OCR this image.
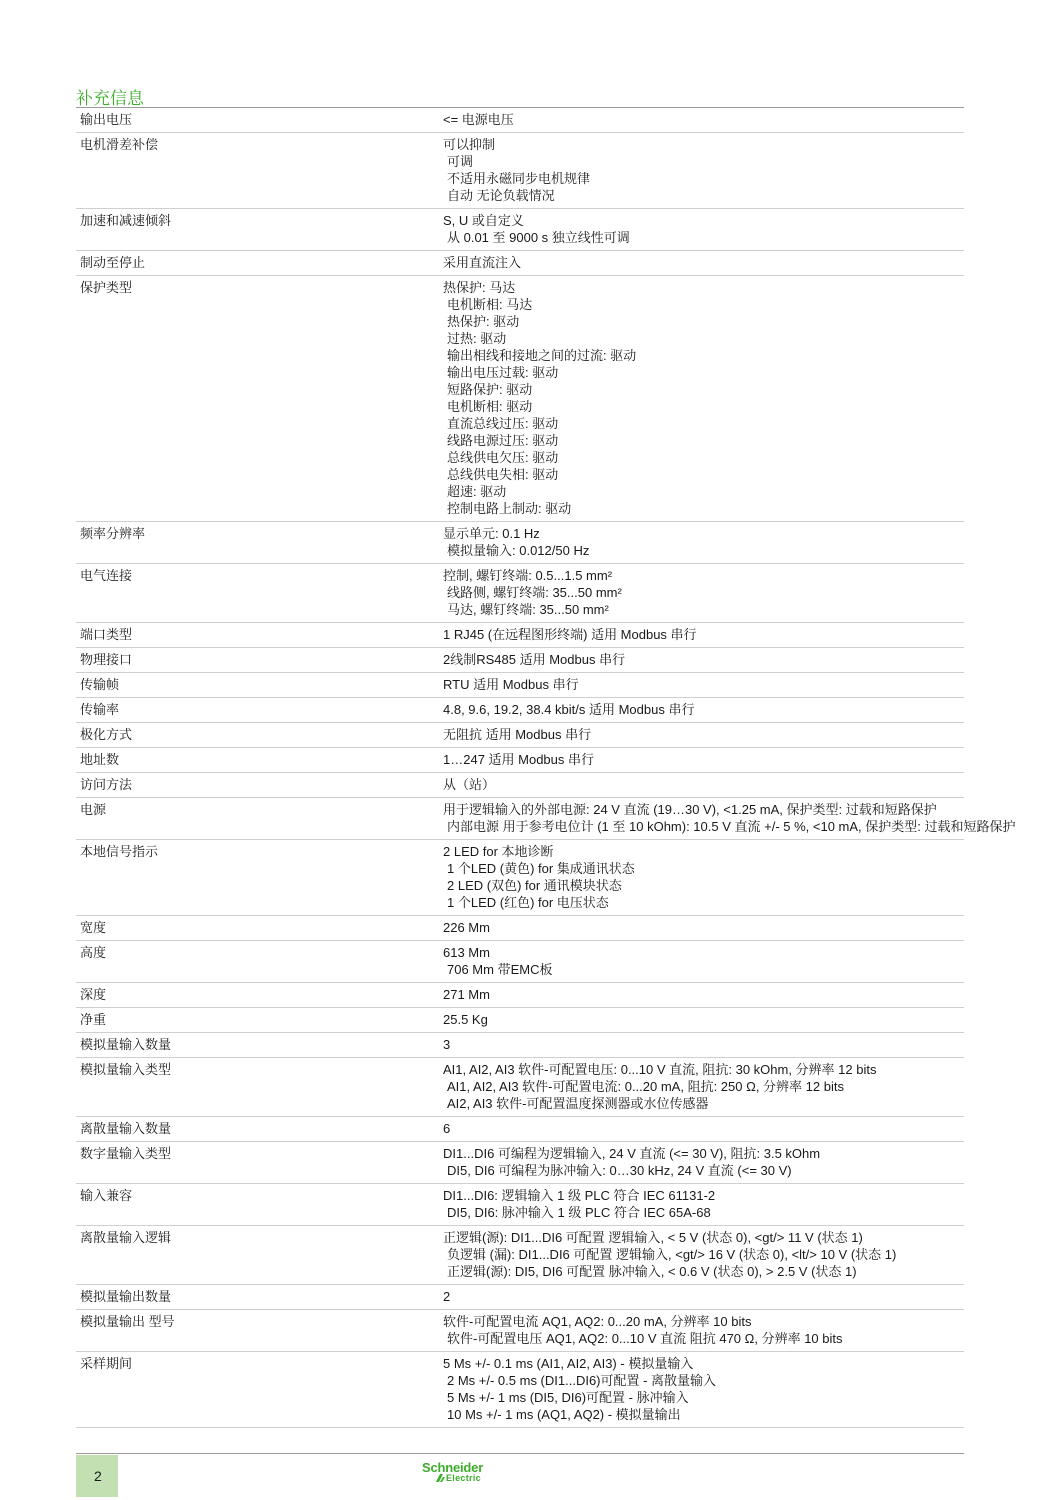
补充信息
输出电压	<= 电源电压
电机滑差补偿	可以抑制
可调
不适用永磁同步电机规律
自动 无论负载情况
加速和减速倾斜	S, U 或自定义
从 0.01 至 9000 s 独立线性可调
制动至停止	采用直流注入
保护类型	热保护: 马达
电机断相: 马达
热保护: 驱动
过热: 驱动
输出相线和接地之间的过流: 驱动
输出电压过载: 驱动
短路保护: 驱动
电机断相: 驱动
直流总线过压: 驱动
线路电源过压: 驱动
总线供电欠压: 驱动
总线供电失相: 驱动
超速: 驱动
控制电路上制动: 驱动
频率分辨率	显示单元: 0.1 Hz
模拟量输入: 0.012/50 Hz
电气连接	控制, 螺钉终端: 0.5...1.5 mm²
线路侧, 螺钉终端: 35...50 mm²
马达, 螺钉终端: 35...50 mm²
端口类型	1 RJ45 (在远程图形终端) 适用 Modbus 串行
物理接口	2线制RS485 适用 Modbus 串行
传输帧	RTU 适用 Modbus 串行
传输率	4.8, 9.6, 19.2, 38.4 kbit/s 适用 Modbus 串行
极化方式	无阻抗 适用 Modbus 串行
地址数	1…247 适用 Modbus 串行
访问方法	从（站）
电源	用于逻辑输入的外部电源: 24 V 直流 (19…30 V), <1.25 mA, 保护类型: 过载和短路保护
内部电源 用于参考电位计 (1 至 10 kOhm): 10.5 V 直流 +/- 5 %, <10 mA, 保护类型: 过载和短路保护
本地信号指示	2 LED for 本地诊断
1 个LED (黄色) for 集成通讯状态
2 LED (双色) for 通讯模块状态
1 个LED (红色) for 电压状态
宽度	226 Mm
高度	613 Mm
706 Mm 带EMC板
深度	271 Mm
净重	25.5 Kg
模拟量输入数量	3
模拟量输入类型	AI1, AI2, AI3 软件-可配置电压: 0...10 V 直流, 阻抗: 30 kOhm, 分辨率 12 bits
AI1, AI2, AI3 软件-可配置电流: 0...20 mA, 阻抗: 250 Ω, 分辨率 12 bits
AI2, AI3 软件-可配置温度探测器或水位传感器
离散量输入数量	6
数字量输入类型	DI1...DI6 可编程为逻辑输入, 24 V 直流 (<= 30 V), 阻抗: 3.5 kOhm
DI5, DI6 可编程为脉冲输入: 0…30 kHz, 24 V 直流 (<= 30 V)
输入兼容	DI1...DI6: 逻辑输入 1 级 PLC 符合 IEC 61131-2
DI5, DI6: 脉冲输入 1 级 PLC 符合 IEC 65A-68
离散量输入逻辑	正逻辑(源): DI1...DI6 可配置 逻辑输入, < 5 V (状态 0), <gt/> 11 V (状态 1)
负逻辑 (漏): DI1...DI6 可配置 逻辑输入, <gt/> 16 V (状态 0), <lt/> 10 V (状态 1)
正逻辑(源): DI5, DI6 可配置 脉冲输入, < 0.6 V (状态 0), > 2.5 V (状态 1)
模拟量输出数量	2
模拟量输出 型号	软件-可配置电流 AQ1, AQ2: 0...20 mA, 分辨率 10 bits
软件-可配置电压 AQ1, AQ2: 0...10 V 直流 阻抗 470 Ω, 分辨率 10 bits
采样期间	5 Ms +/- 0.1 ms (AI1, AI2, AI3) - 模拟量输入
2 Ms +/- 0.5 ms (DI1...DI6)可配置 - 离散量输入
5 Ms +/- 1 ms (DI5, DI6)可配置 - 脉冲输入
10 Ms +/- 1 ms (AQ1, AQ2) - 模拟量输出
2
Schneider
Electric
